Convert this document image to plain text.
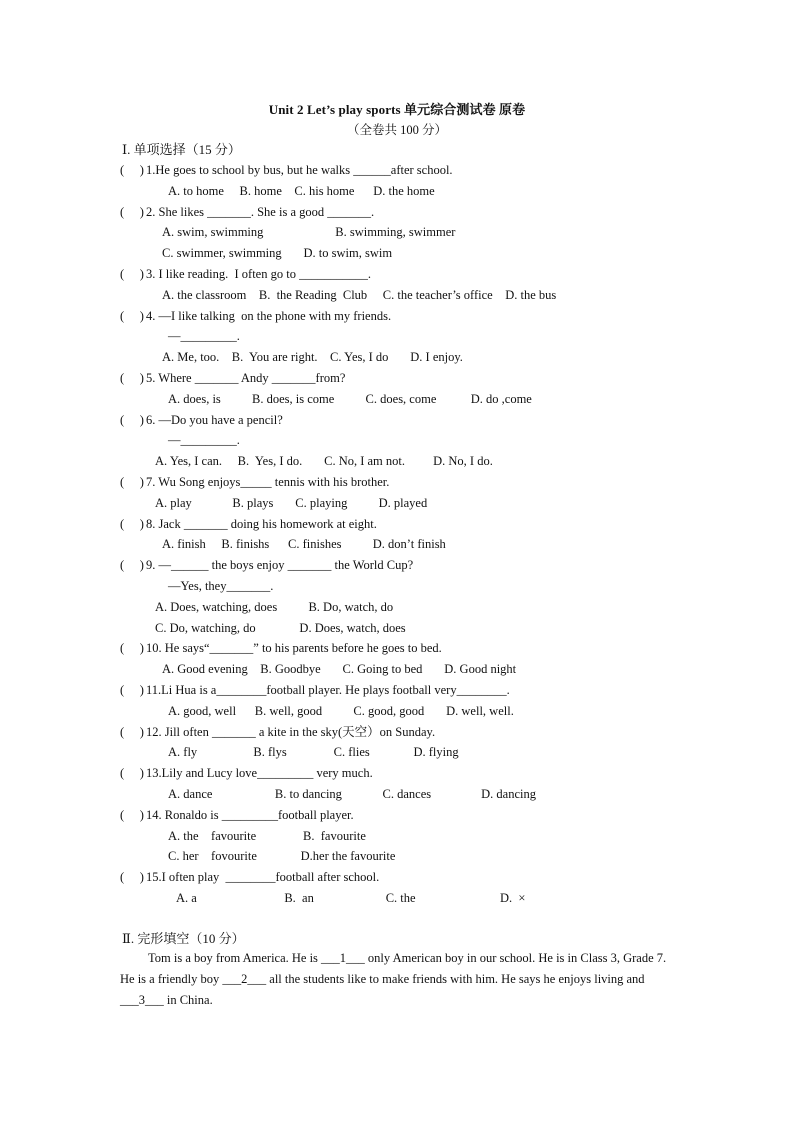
Unit 2 Let’s play sports 单元综合测试卷 原卷
（全卷共 100 分）
Ⅰ. 单项选择（15 分）
(     ) 1.He goes to school by bus, but he walks ______after school.
A. to home     B. home    C. his home      D. the home
(     ) 2. She likes _______. She is a good _______.
A. swim, swimming                       B. swimming, swimmer
C. swimmer, swimming       D. to swim, swim
(     ) 3. I like reading.  I often go to ___________.
A. the classroom    B.  the Reading  Club     C. the teacher’s office    D. the bus
(     ) 4. —I like talking  on the phone with my friends.
—_________.
A. Me, too.    B.  You are right.    C. Yes, I do       D. I enjoy.
(     ) 5. Where _______ Andy _______from?
A. does, is          B. does, is come          C. does, come           D. do ,come
(     ) 6. —Do you have a pencil?
—_________.
A. Yes, I can.     B.  Yes, I do.       C. No, I am not.         D. No, I do.
(     ) 7. Wu Song enjoys_____ tennis with his brother.
A. play             B. plays       C. playing          D. played
(     ) 8. Jack _______ doing his homework at eight.
A. finish     B. finishs      C. finishes          D. don’t finish
(     ) 9. —______ the boys enjoy _______ the World Cup?
—Yes, they_______.
A. Does, watching, does          B. Do, watch, do
C. Do, watching, do              D. Does, watch, does
(     ) 10. He says“_______” to his parents before he goes to bed.
A. Good evening    B. Goodbye       C. Going to bed       D. Good night
(     ) 11.Li Hua is a________football player. He plays football very________.
A. good, well      B. well, good          C. good, good       D. well, well.
(     ) 12. Jill often _______ a kite in the sky(天空）on Sunday.
A. fly                  B. flys               C. flies              D. flying
(     ) 13.Lily and Lucy love_________ very much.
A. dance                    B. to dancing             C. dances                D. dancing
(     ) 14. Ronaldo is _________football player.
A. the    favourite               B.  favourite
C. her    fovourite              D.her the favourite
(     ) 15.I often play  ________football after school.
A. a                            B.  an                       C. the                           D.  ×
Ⅱ. 完形填空（10 分）
Tom is a boy from America. He is ___1___ only American boy in our school. He is in Class 3, Grade 7. He is a friendly boy ___2___ all the students like to make friends with him. He says he enjoys living and ___3___ in China.
